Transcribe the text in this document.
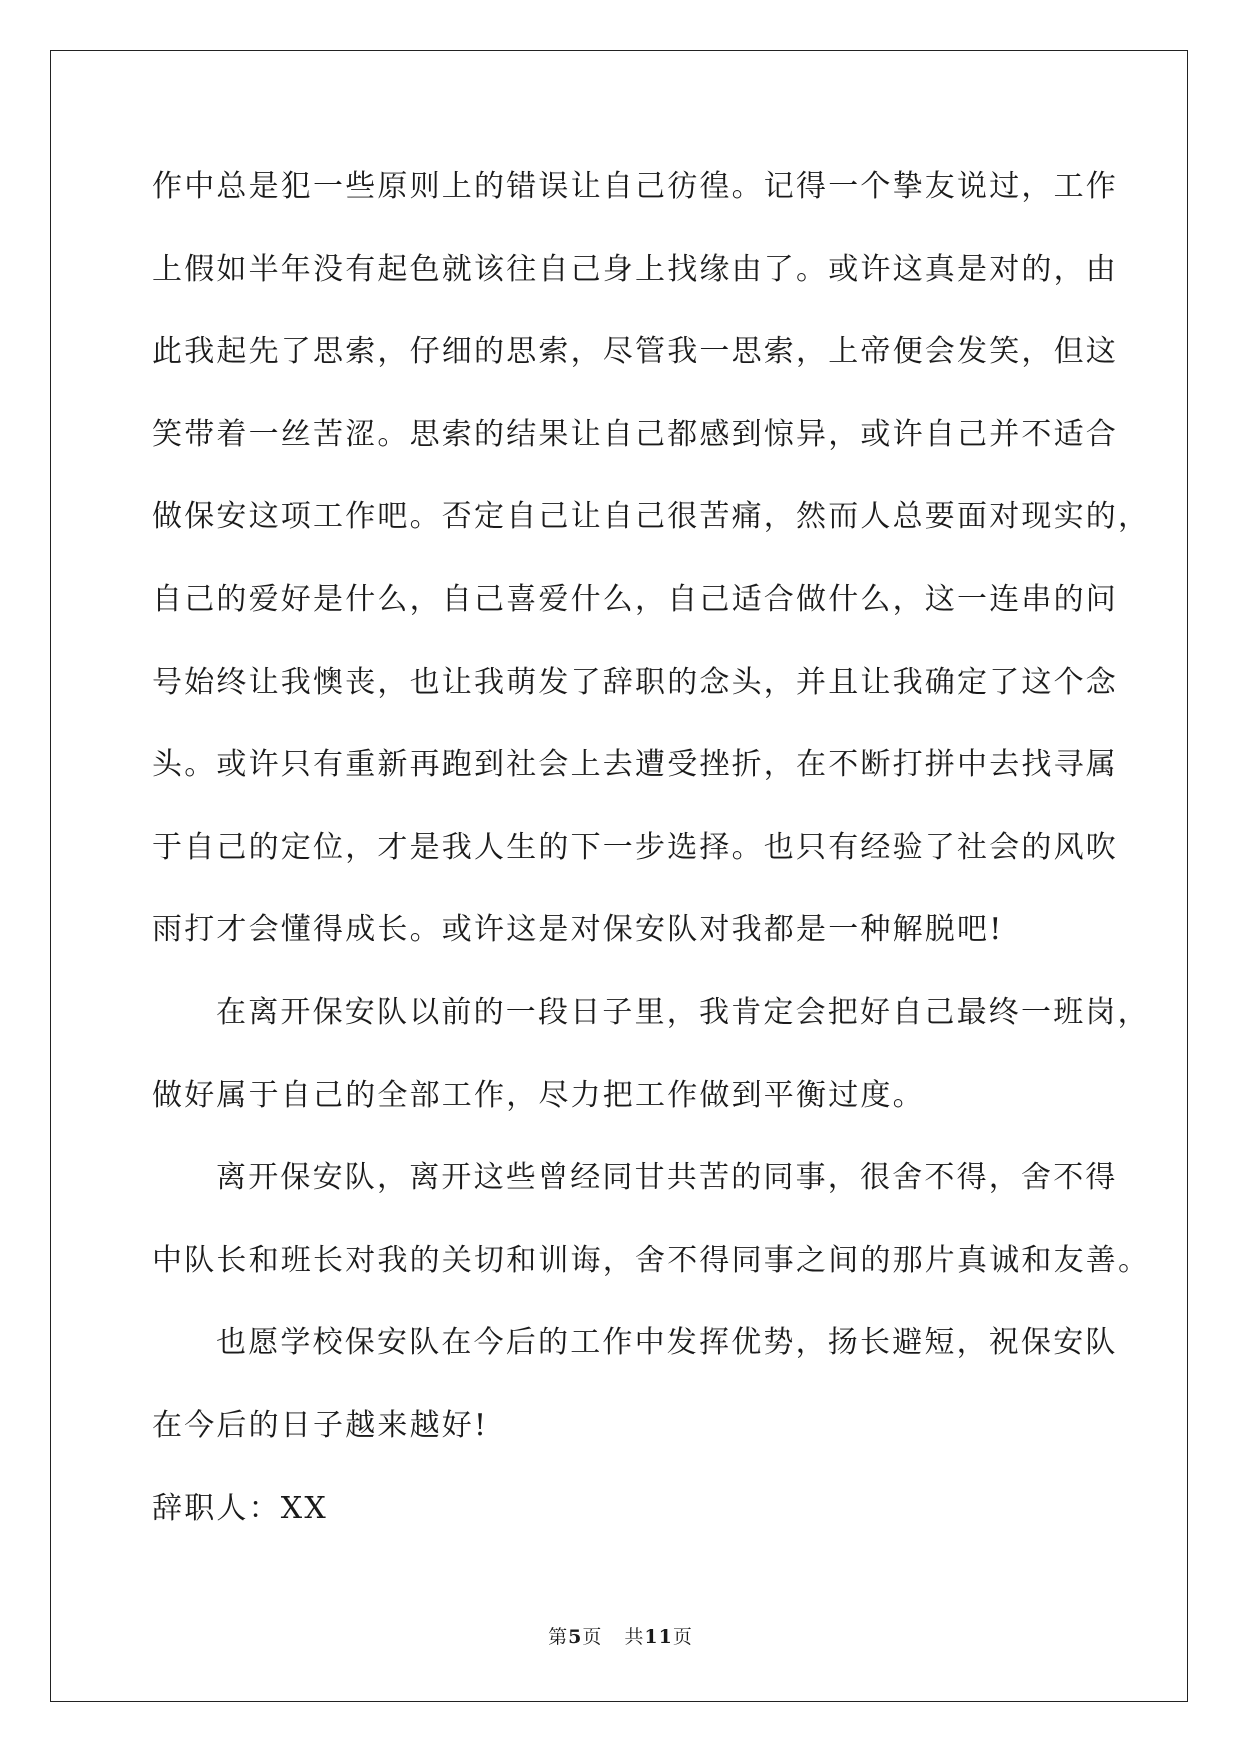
作中总是犯一些原则上的错误让自己彷徨。记得一个挚友说过，工作
上假如半年没有起色就该往自己身上找缘由了。或许这真是对的，由
此我起先了思索，仔细的思索，尽管我一思索，上帝便会发笑，但这
笑带着一丝苦涩。思索的结果让自己都感到惊异，或许自己并不适合
做保安这项工作吧。否定自己让自己很苦痛，然而人总要面对现实的，
自己的爱好是什么，自己喜爱什么，自己适合做什么，这一连串的问
号始终让我懊丧，也让我萌发了辞职的念头，并且让我确定了这个念
头。或许只有重新再跑到社会上去遭受挫折，在不断打拼中去找寻属
于自己的定位，才是我人生的下一步选择。也只有经验了社会的风吹
雨打才会懂得成长。或许这是对保安队对我都是一种解脱吧!
在离开保安队以前的一段日子里，我肯定会把好自己最终一班岗，
做好属于自己的全部工作，尽力把工作做到平衡过度。
离开保安队，离开这些曾经同甘共苦的同事，很舍不得，舍不得
中队长和班长对我的关切和训诲，舍不得同事之间的那片真诚和友善。
也愿学校保安队在今后的工作中发挥优势，扬长避短，祝保安队
在今后的日子越来越好!
辞职人：XX
第5页 共11页
